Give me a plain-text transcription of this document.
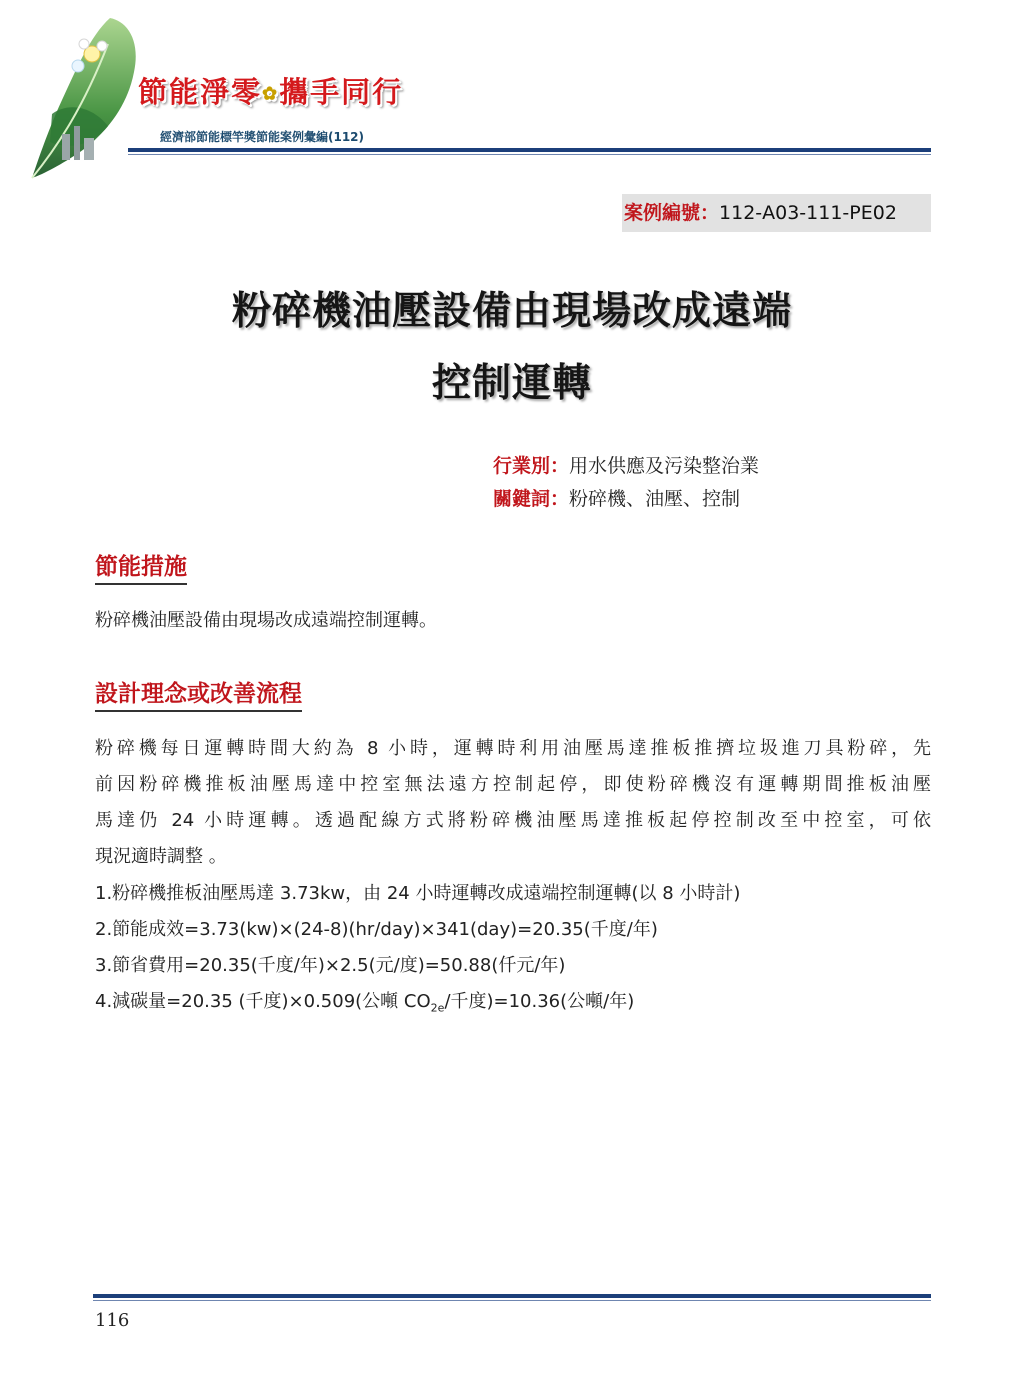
節能淨零✿攜手同行
經濟部節能標竿獎節能案例彙編(112)
案例編號：112-A03-111-PE02
粉碎機油壓設備由現場改成遠端
控制運轉
行業別：用水供應及污染整治業
關鍵詞：粉碎機、油壓、控制
節能措施
粉碎機油壓設備由現場改成遠端控制運轉。
設計理念或改善流程
粉碎機每日運轉時間大約為 8 小時，運轉時利用油壓馬達推板推擠垃圾進刀具粉碎，先
前因粉碎機推板油壓馬達中控室無法遠方控制起停，即使粉碎機沒有運轉期間推板油壓
馬達仍 24 小時運轉。透過配線方式將粉碎機油壓馬達推板起停控制改至中控室，可依
現況適時調整 。
1.粉碎機推板油壓馬達 3.73kw，由 24 小時運轉改成遠端控制運轉(以 8 小時計)
2.節能成效=3.73(kw)×(24-8)(hr/day)×341(day)=20.35(千度/年)
3.節省費用=20.35(千度/年)×2.5(元/度)=50.88(仟元/年)
4.減碳量=20.35 (千度)×0.509(公噸 $CO_{2e}/$千度)=10.36(公噸/年)
116
